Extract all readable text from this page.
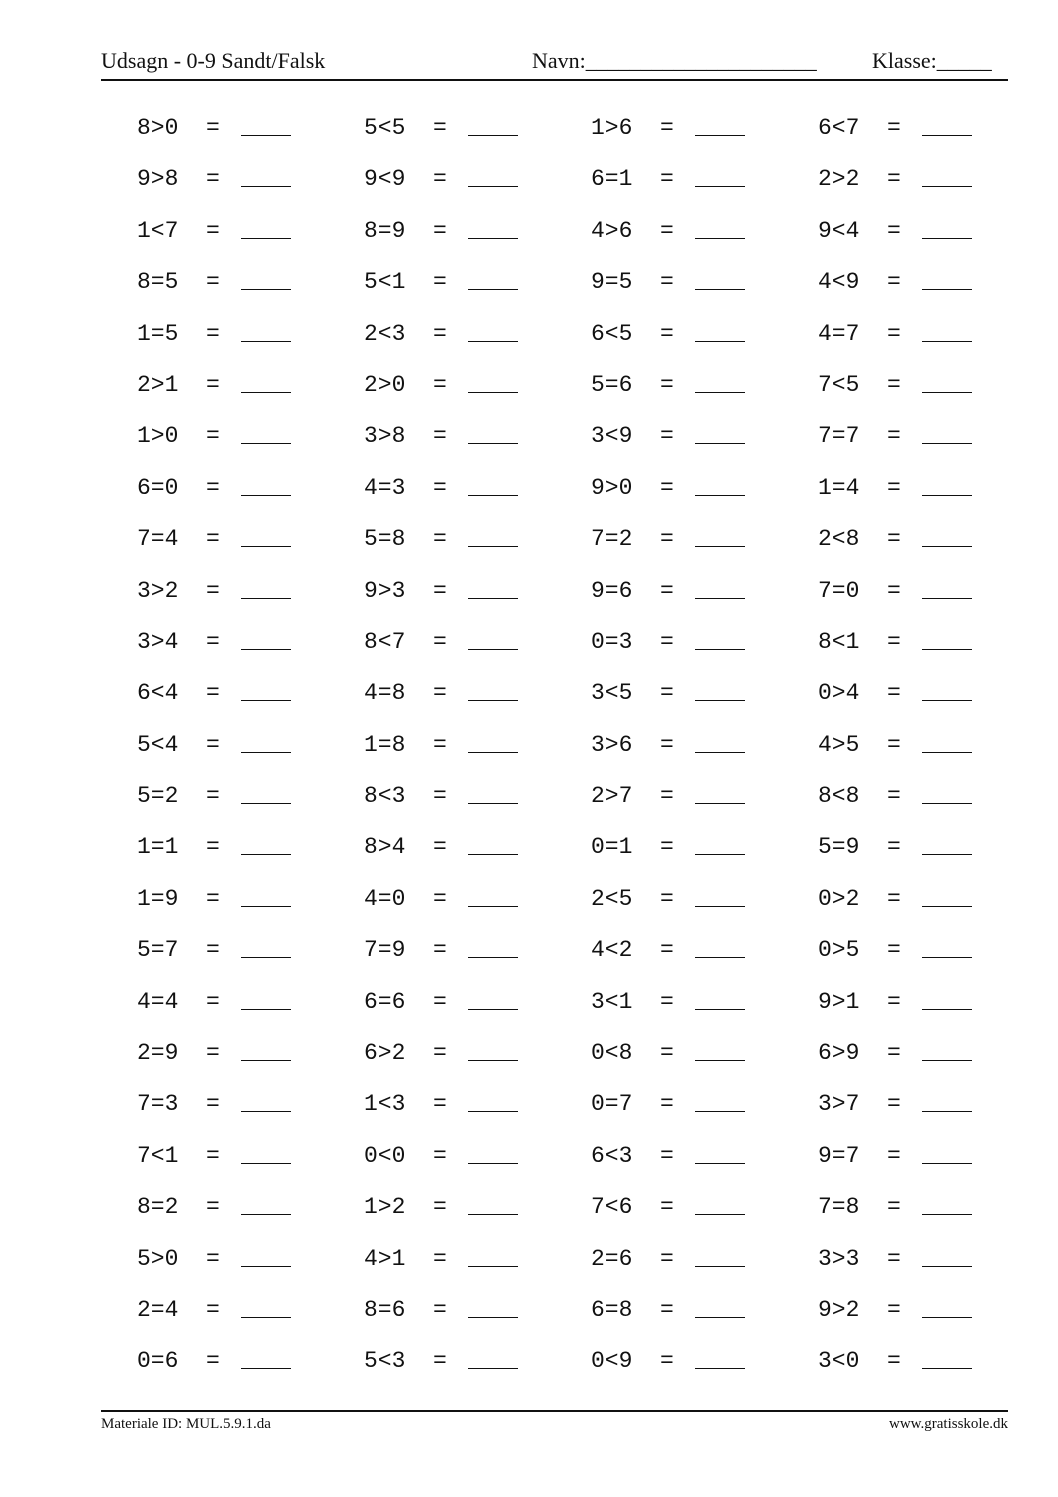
Udsagn - 0-9 Sandt/Falsk	Navn:_____________________	Klasse:_____
8>0 =	5<5 =	1>6 =	6<7 =
9>8 =	9<9 =	6=1 =	2>2 =
1<7 =	8=9 =	4>6 =	9<4 =
8=5 =	5<1 =	9=5 =	4<9 =
1=5 =	2<3 =	6<5 =	4=7 =
2>1 =	2>0 =	5=6 =	7<5 =
1>0 =	3>8 =	3<9 =	7=7 =
6=0 =	4=3 =	9>0 =	1=4 =
7=4 =	5=8 =	7=2 =	2<8 =
3>2 =	9>3 =	9=6 =	7=0 =
3>4 =	8<7 =	0=3 =	8<1 =
6<4 =	4=8 =	3<5 =	0>4 =
5<4 =	1=8 =	3>6 =	4>5 =
5=2 =	8<3 =	2>7 =	8<8 =
1=1 =	8>4 =	0=1 =	5=9 =
1=9 =	4=0 =	2<5 =	0>2 =
5=7 =	7=9 =	4<2 =	0>5 =
4=4 =	6=6 =	3<1 =	9>1 =
2=9 =	6>2 =	0<8 =	6>9 =
7=3 =	1<3 =	0=7 =	3>7 =
7<1 =	0<0 =	6<3 =	9=7 =
8=2 =	1>2 =	7<6 =	7=8 =
5>0 =	4>1 =	2=6 =	3>3 =
2=4 =	8=6 =	6=8 =	9>2 =
0=6 =	5<3 =	0<9 =	3<0 =
Materiale ID: MUL.5.9.1.da	www.gratisskole.dk
